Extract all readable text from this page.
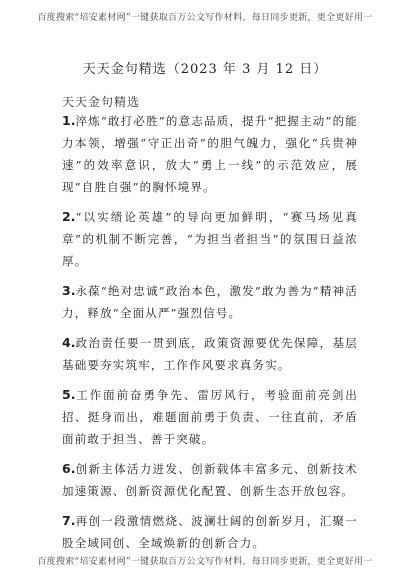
百度搜索“培安素材网”一键获取百万公文写作材料，每日同步更新，更全更好用一
天天金句精选（2023 年 3 月 12 日）
天天金句精选

1.淬炼“敢打必胜”的意志品质，提升“把握主动”的能力本领，增强“守正出奇”的胆气魄力，强化“兵贵神速”的效率意识，放大“勇上一线”的示范效应，展现“自胜自强”的胸怀境界。

2.“以实绩论英雄”的导向更加鲜明，“赛马场见真章”的机制不断完善，“为担当者担当”的氛围日益浓厚。

3.永葆“绝对忠诚”政治本色，激发“敢为善为”精神活力，释放“全面从严”强烈信号。

4.政治责任要一贯到底，政策资源要优先保障，基层基础要夯实筑牢，工作作风要求真务实。

5.工作面前奋勇争先、雷厉风行，考验面前亮剑出招、挺身而出，难题面前勇于负责、一往直前，矛盾面前敢于担当、善于突破。

6.创新主体活力迸发、创新载体丰富多元、创新技术加速策源、创新资源优化配置、创新生态开放包容。

7.再创一段激情燃烧、波澜壮阔的创新岁月，汇聚一股全域同创、全域焕新的创新合力。

百度搜索“培安素材网”一键获取百万公文写作材料，每日同步更新，更全更好用一
